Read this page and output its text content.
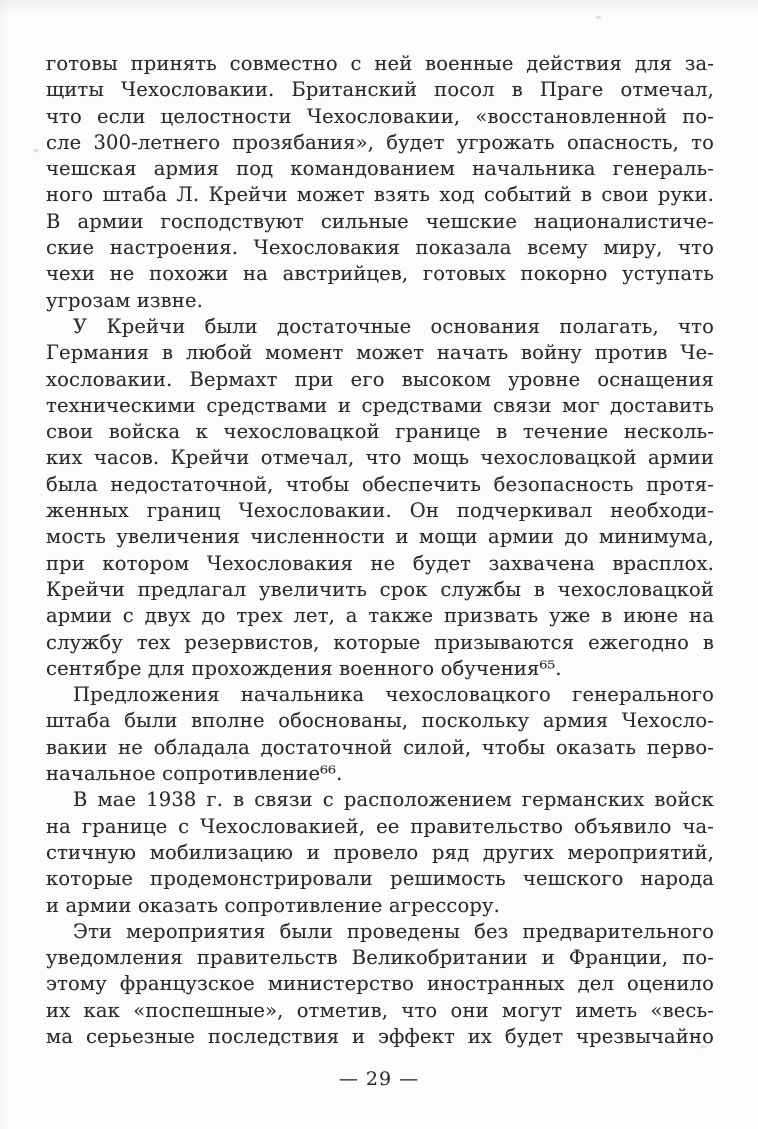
готовы принять совместно с ней военные действия для за-
щиты Чехословакии. Британский посол в Праге отмечал,
что если целостности Чехословакии, «восстановленной по-
сле 300-летнего прозябания», будет угрожать опасность, то
чешская армия под командованием начальника генераль-
ного штаба Л. Крейчи может взять ход событий в свои руки.
В армии господствуют сильные чешские националистиче-
ские настроения. Чехословакия показала всему миру, что
чехи не похожи на австрийцев, готовых покорно уступать
угрозам извне.
У Крейчи были достаточные основания полагать, что
Германия в любой момент может начать войну против Че-
хословакии. Вермахт при его высоком уровне оснащения
техническими средствами и средствами связи мог доставить
свои войска к чехословацкой границе в течение несколь-
ких часов. Крейчи отмечал, что мощь чехословацкой армии
была недостаточной, чтобы обеспечить безопасность протя-
женных границ Чехословакии. Он подчеркивал необходи-
мость увеличения численности и мощи армии до минимума,
при котором Чехословакия не будет захвачена врасплох.
Крейчи предлагал увеличить срок службы в чехословацкой
армии с двух до трех лет, а также призвать уже в июне на
службу тех резервистов, которые призываются ежегодно в
сентябре для прохождения военного обучения⁶⁵.
Предложения начальника чехословацкого генерального
штаба были вполне обоснованы, поскольку армия Чехосло-
вакии не обладала достаточной силой, чтобы оказать перво-
начальное сопротивление⁶⁶.
В мае 1938 г. в связи с расположением германских войск
на границе с Чехословакией, ее правительство объявило ча-
стичную мобилизацию и провело ряд других мероприятий,
которые продемонстрировали решимость чешского народа
и армии оказать сопротивление агрессору.
Эти мероприятия были проведены без предварительного
уведомления правительств Великобритании и Франции, по-
этому французское министерство иностранных дел оценило
их как «поспешные», отметив, что они могут иметь «весь-
ма серьезные последствия и эффект их будет чрезвычайно
— 29 —
